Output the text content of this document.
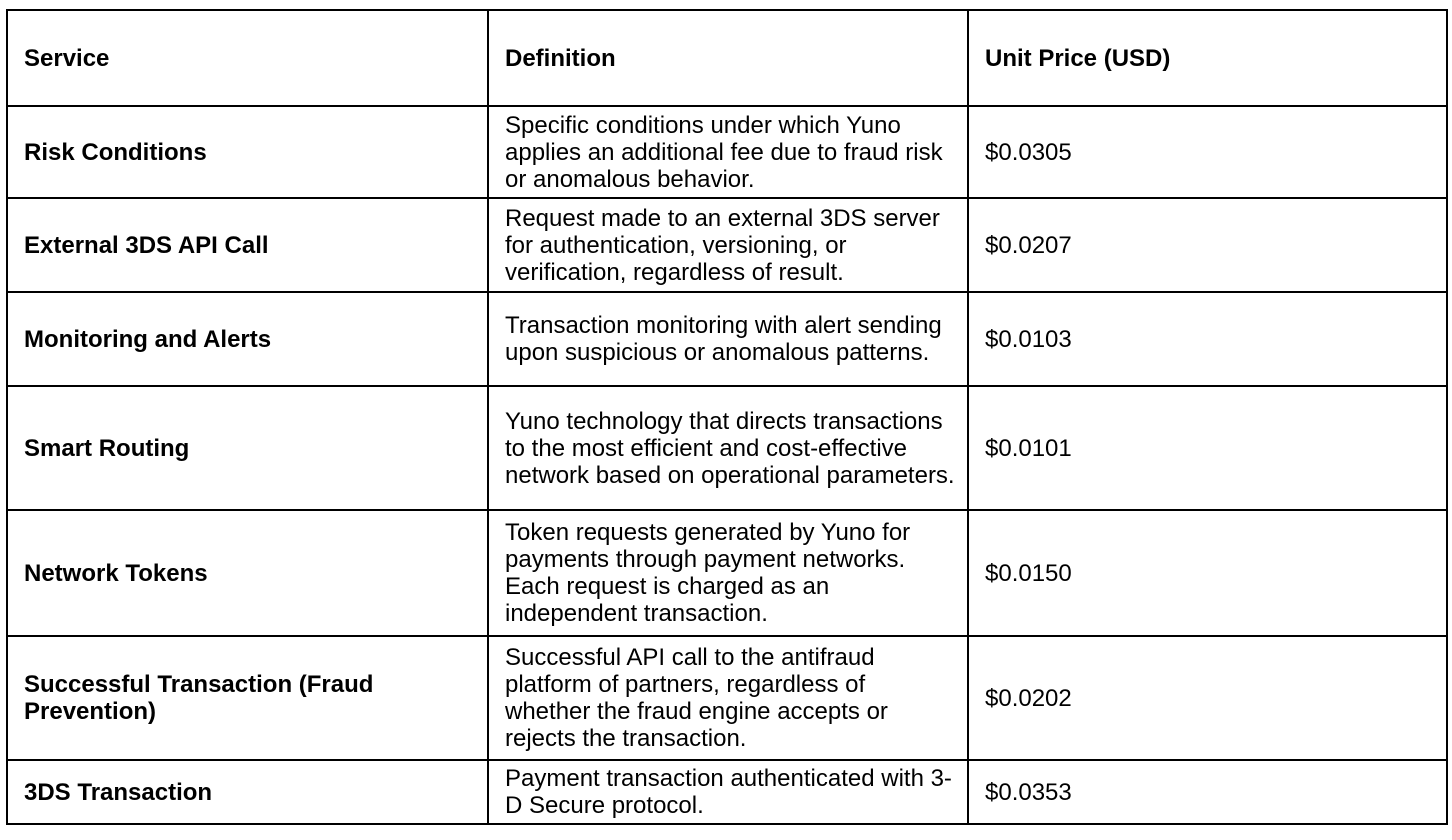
Service	Definition	Unit Price (USD)
Risk Conditions	Specific conditions under which Yuno applies an additional fee due to fraud risk or anomalous behavior.	$0.0305
External 3DS API Call	Request made to an external 3DS server for authentication, versioning, or verification, regardless of result.	$0.0207
Monitoring and Alerts	Transaction monitoring with alert sending upon suspicious or anomalous patterns.	$0.0103
Smart Routing	Yuno technology that directs transactions to the most efficient and cost-effective network based on operational parameters.	$0.0101
Network Tokens	Token requests generated by Yuno for payments through payment networks. Each request is charged as an independent transaction.	$0.0150
Successful Transaction (Fraud Prevention)	Successful API call to the antifraud platform of partners, regardless of whether the fraud engine accepts or rejects the transaction.	$0.0202
3DS Transaction	Payment transaction authenticated with 3-D Secure protocol.	$0.0353
